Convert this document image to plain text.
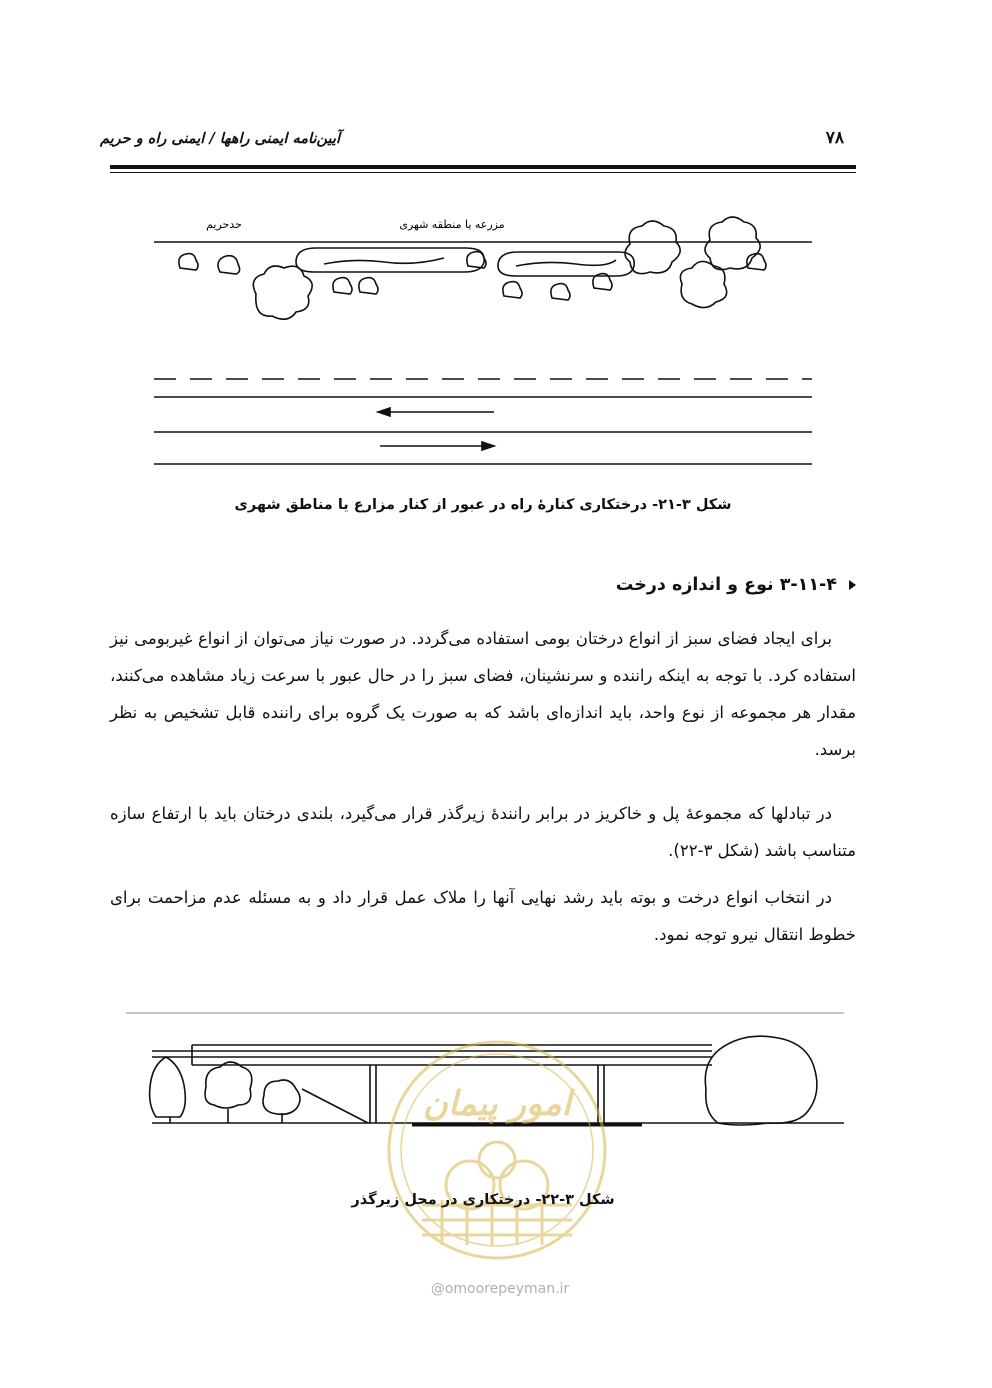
آیین‌نامه ایمنی راهها / ایمنی راه و حریم	۷۸
حدحریم	مزرعه یا منطقه شهری
شکل ۳-۲۱- درختکاری کنارهٔ راه در عبور از کنار مزارع یا مناطق شهری
۳-۱۱-۴ نوع و اندازه درخت
برای ایجاد فضای سبز از انواع درختان بومی استفاده می‌گردد. در صورت نیاز می‌توان از انواع غیربومی نیز استفاده کرد. با توجه به اینکه راننده و سرنشینان، فضای سبز را در حال عبور با سرعت زیاد مشاهده می‌کنند، مقدار هر مجموعه از نوع واحد، باید اندازه‌ای باشد که به صورت یک گروه برای راننده قابل تشخیص به نظر برسد.
در تبادلها که مجموعهٔ پل و خاکریز در برابر رانندهٔ زیرگذر قرار می‌گیرد، بلندی درختان باید با ارتفاع سازه متناسب باشد (شکل ۳-۲۲).
در انتخاب انواع درخت و بوته باید رشد نهایی آنها را ملاک عمل قرار داد و به مسئله عدم مزاحمت برای خطوط انتقال نیرو توجه نمود.
امور پیمان
شکل ۳-۲۲- درختکاری در محل زیرگذر
@omoorepeyman.ir
